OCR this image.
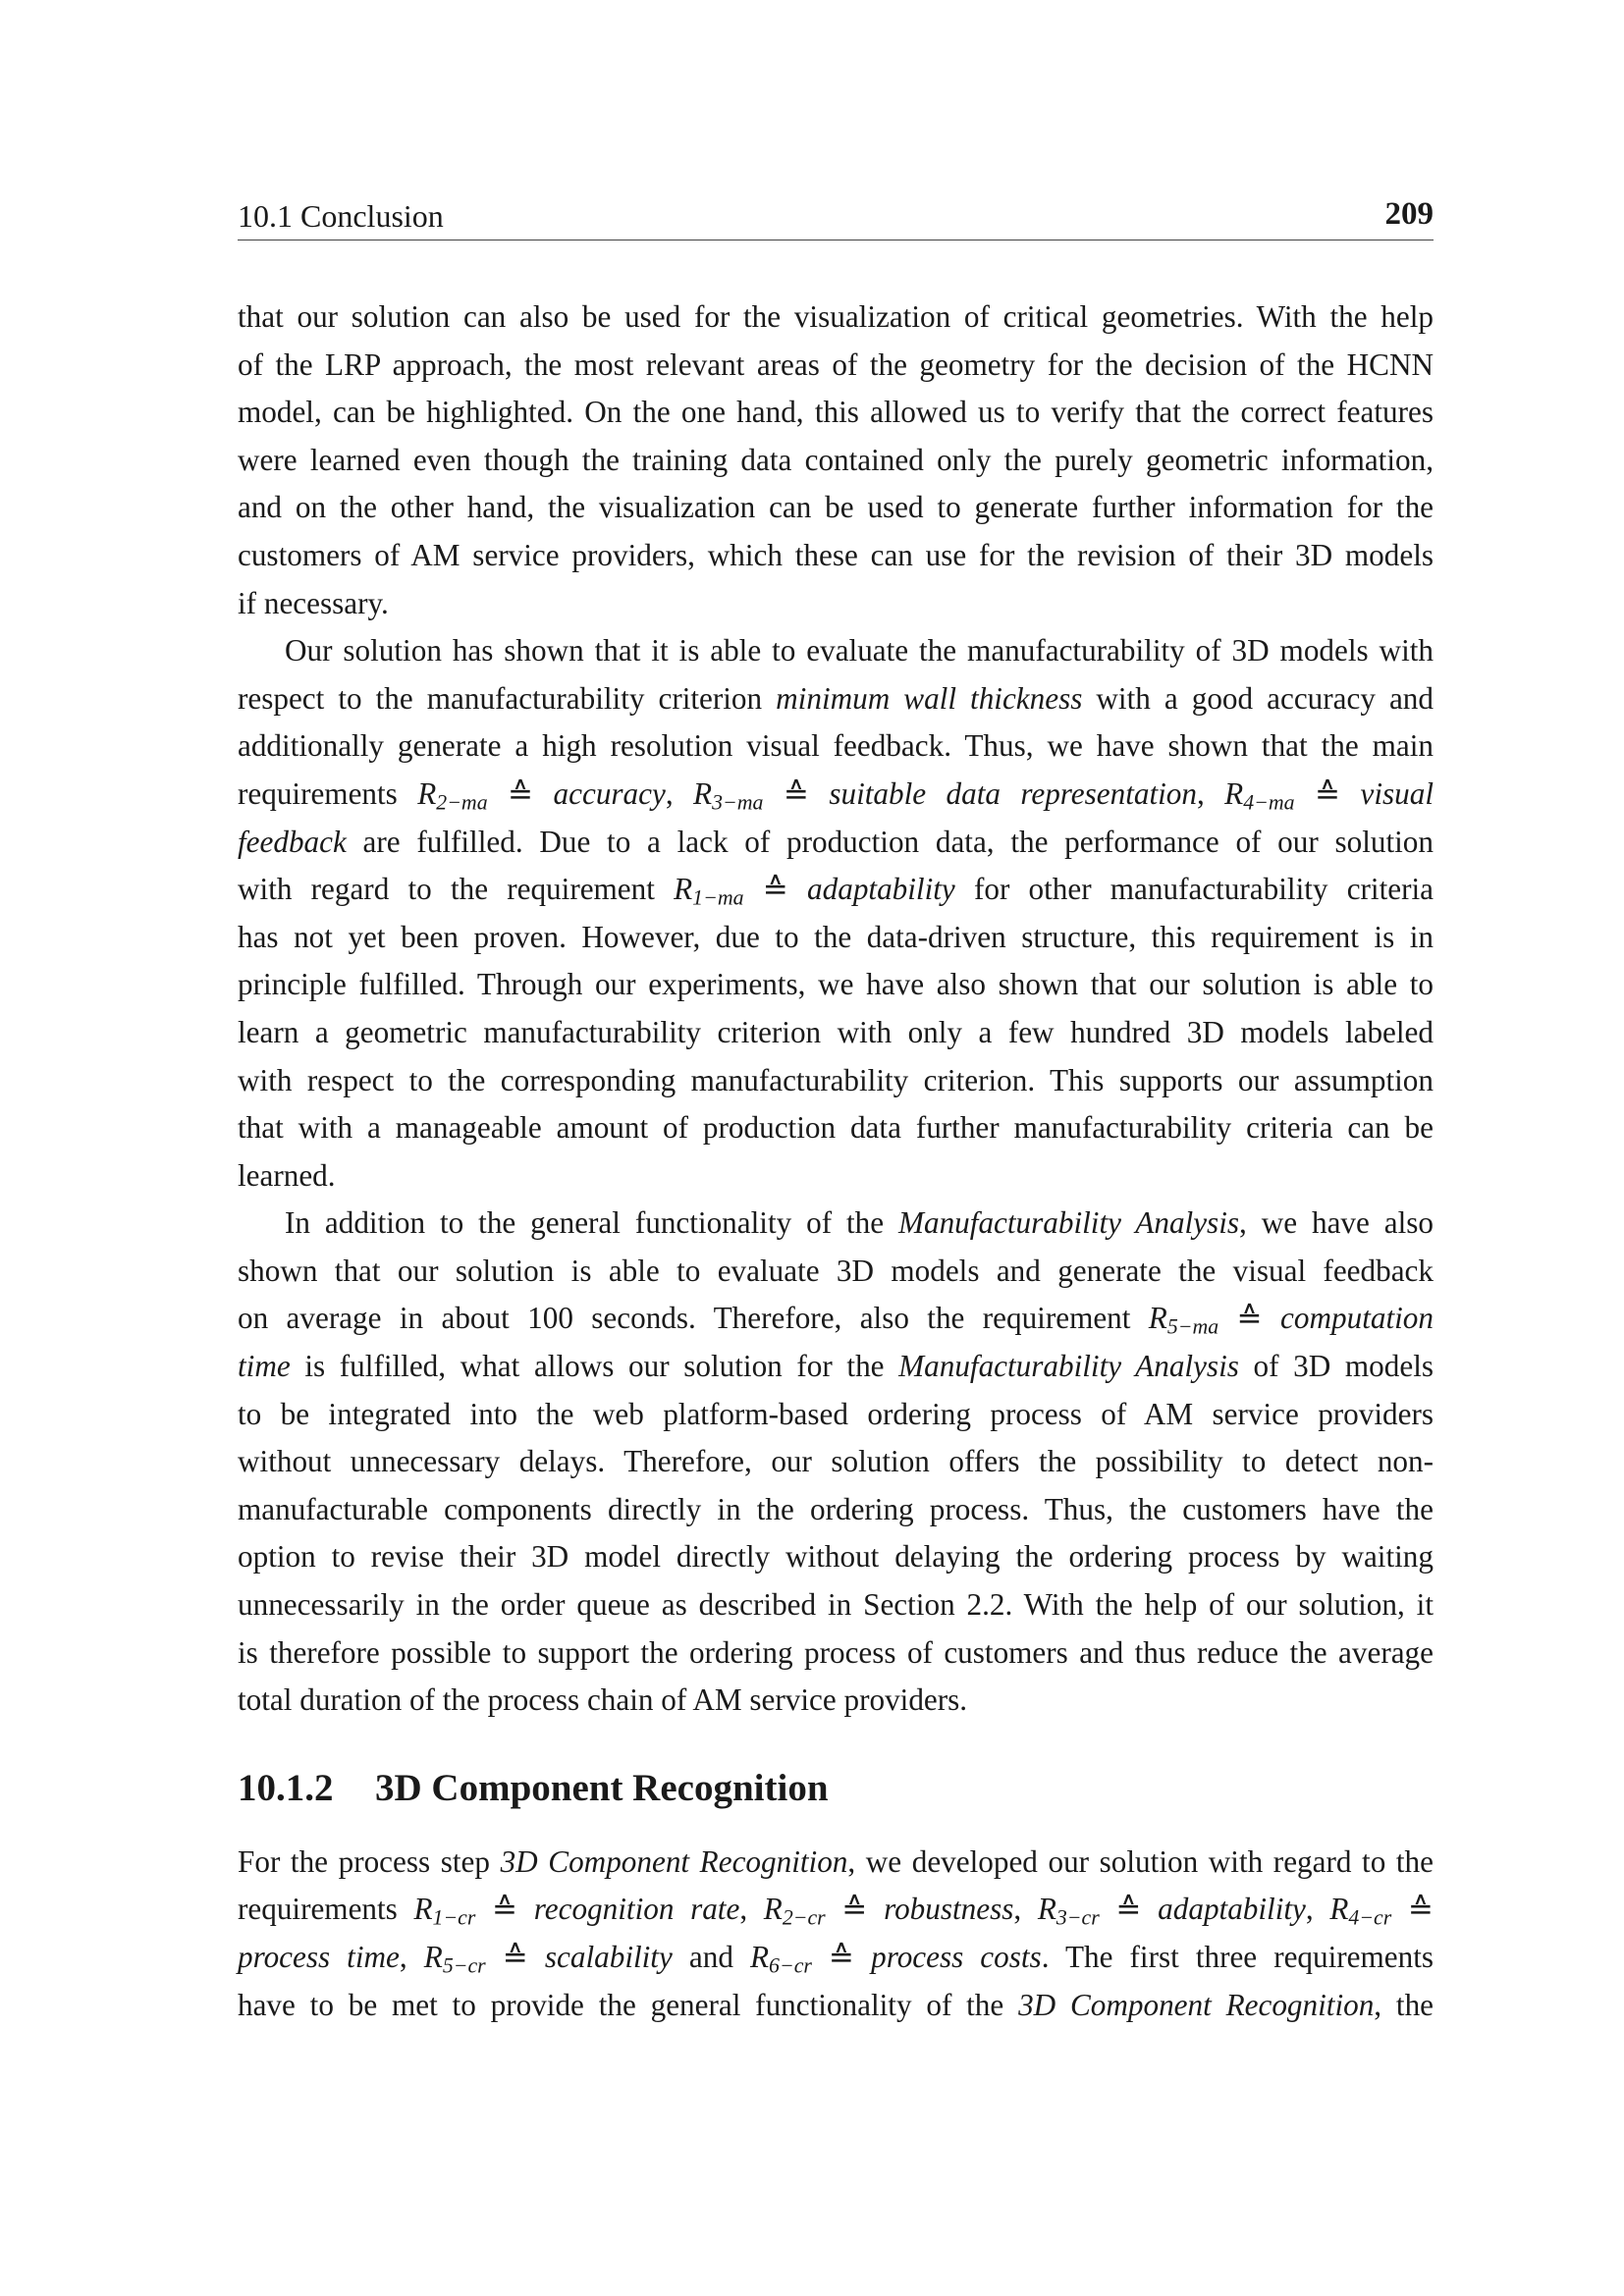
10.1 Conclusion	209
that our solution can also be used for the visualization of critical geometries. With the help
of the LRP approach, the most relevant areas of the geometry for the decision of the HCNN
model, can be highlighted. On the one hand, this allowed us to verify that the correct features
were learned even though the training data contained only the purely geometric information,
and on the other hand, the visualization can be used to generate further information for the
customers of AM service providers, which these can use for the revision of their 3D models
if necessary.
Our solution has shown that it is able to evaluate the manufacturability of 3D models with
respect to the manufacturability criterion minimum wall thickness with a good accuracy and
additionally generate a high resolution visual feedback. Thus, we have shown that the main
requirements $R_{2-ma}$ ≙ accuracy, $R_{3-ma}$ ≙ suitable data representation, $R_{4-ma}$ ≙ visual
feedback are fulfilled. Due to a lack of production data, the performance of our solution
with regard to the requirement $R_{1-ma}$ ≙ adaptability for other manufacturability criteria
has not yet been proven. However, due to the data-driven structure, this requirement is in
principle fulfilled. Through our experiments, we have also shown that our solution is able to
learn a geometric manufacturability criterion with only a few hundred 3D models labeled
with respect to the corresponding manufacturability criterion. This supports our assumption
that with a manageable amount of production data further manufacturability criteria can be
learned.
In addition to the general functionality of the Manufacturability Analysis, we have also
shown that our solution is able to evaluate 3D models and generate the visual feedback
on average in about 100 seconds. Therefore, also the requirement $R_{5-ma}$ ≙ computation
time is fulfilled, what allows our solution for the Manufacturability Analysis of 3D models
to be integrated into the web platform-based ordering process of AM service providers
without unnecessary delays. Therefore, our solution offers the possibility to detect non-
manufacturable components directly in the ordering process. Thus, the customers have the
option to revise their 3D model directly without delaying the ordering process by waiting
unnecessarily in the order queue as described in Section 2.2. With the help of our solution, it
is therefore possible to support the ordering process of customers and thus reduce the average
total duration of the process chain of AM service providers.
10.1.2 3D Component Recognition
For the process step 3D Component Recognition, we developed our solution with regard to the
requirements $R_{1-cr}$ ≙ recognition rate, $R_{2-cr}$ ≙ robustness, $R_{3-cr}$ ≙ adaptability, $R_{4-cr}$ ≙
process time, $R_{5-cr}$ ≙ scalability and $R_{6-cr}$ ≙ process costs. The first three requirements
have to be met to provide the general functionality of the 3D Component Recognition, the
